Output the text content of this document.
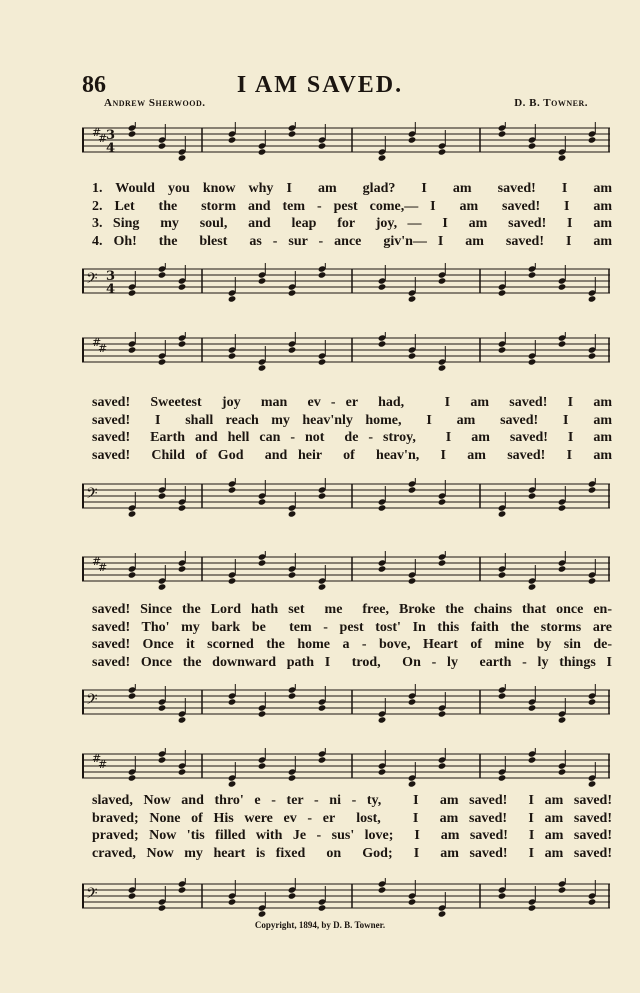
86	I AM SAVED.
Andrew Sherwood.	D. B. Towner.
#
#
3
4
1. Would you know why I  am  glad?  I  am  saved!  I  am
2. Let  the  storm and tem - pest come,— I  am  saved!  I  am
3. Sing  my  soul,  and  leap  for  joy, —  I  am  saved!  I  am
4. Oh!  the  blest  as - sur - ance  giv'n— I  am  saved!  I  am
𝄢 3
4
#
#
saved!  Sweetest  joy  man  ev - er  had,    I  am  saved!  I  am
saved!  I  shall reach my heav'nly home,  I  am  saved!  I  am
saved!  Earth and hell can - not  de - stroy,   I  am  saved!  I  am
saved!  Child of God  and heir  of  heav'n,  I  am  saved!  I  am
𝄢
#
#
saved! Since the Lord hath set  me  free, Broke the chains that once en-
saved! Tho' my bark be  tem - pest tost' In this faith the storms are
saved! Once it scorned the home a - bove, Heart of mine by sin de-
saved! Once the downward path I  trod,  On - ly  earth - ly things I
𝄢
#
#
slaved, Now and thro' e - ter - ni - ty,   I  am saved!  I am saved!
braved; None of His were ev - er  lost,   I  am saved!  I am saved!
praved; Now 'tis filled with Je - sus' love;  I  am saved!  I am saved!
craved, Now my heart is fixed  on  God;  I  am saved!  I am saved!
𝄢
Copyright, 1894, by D. B. Towner.
